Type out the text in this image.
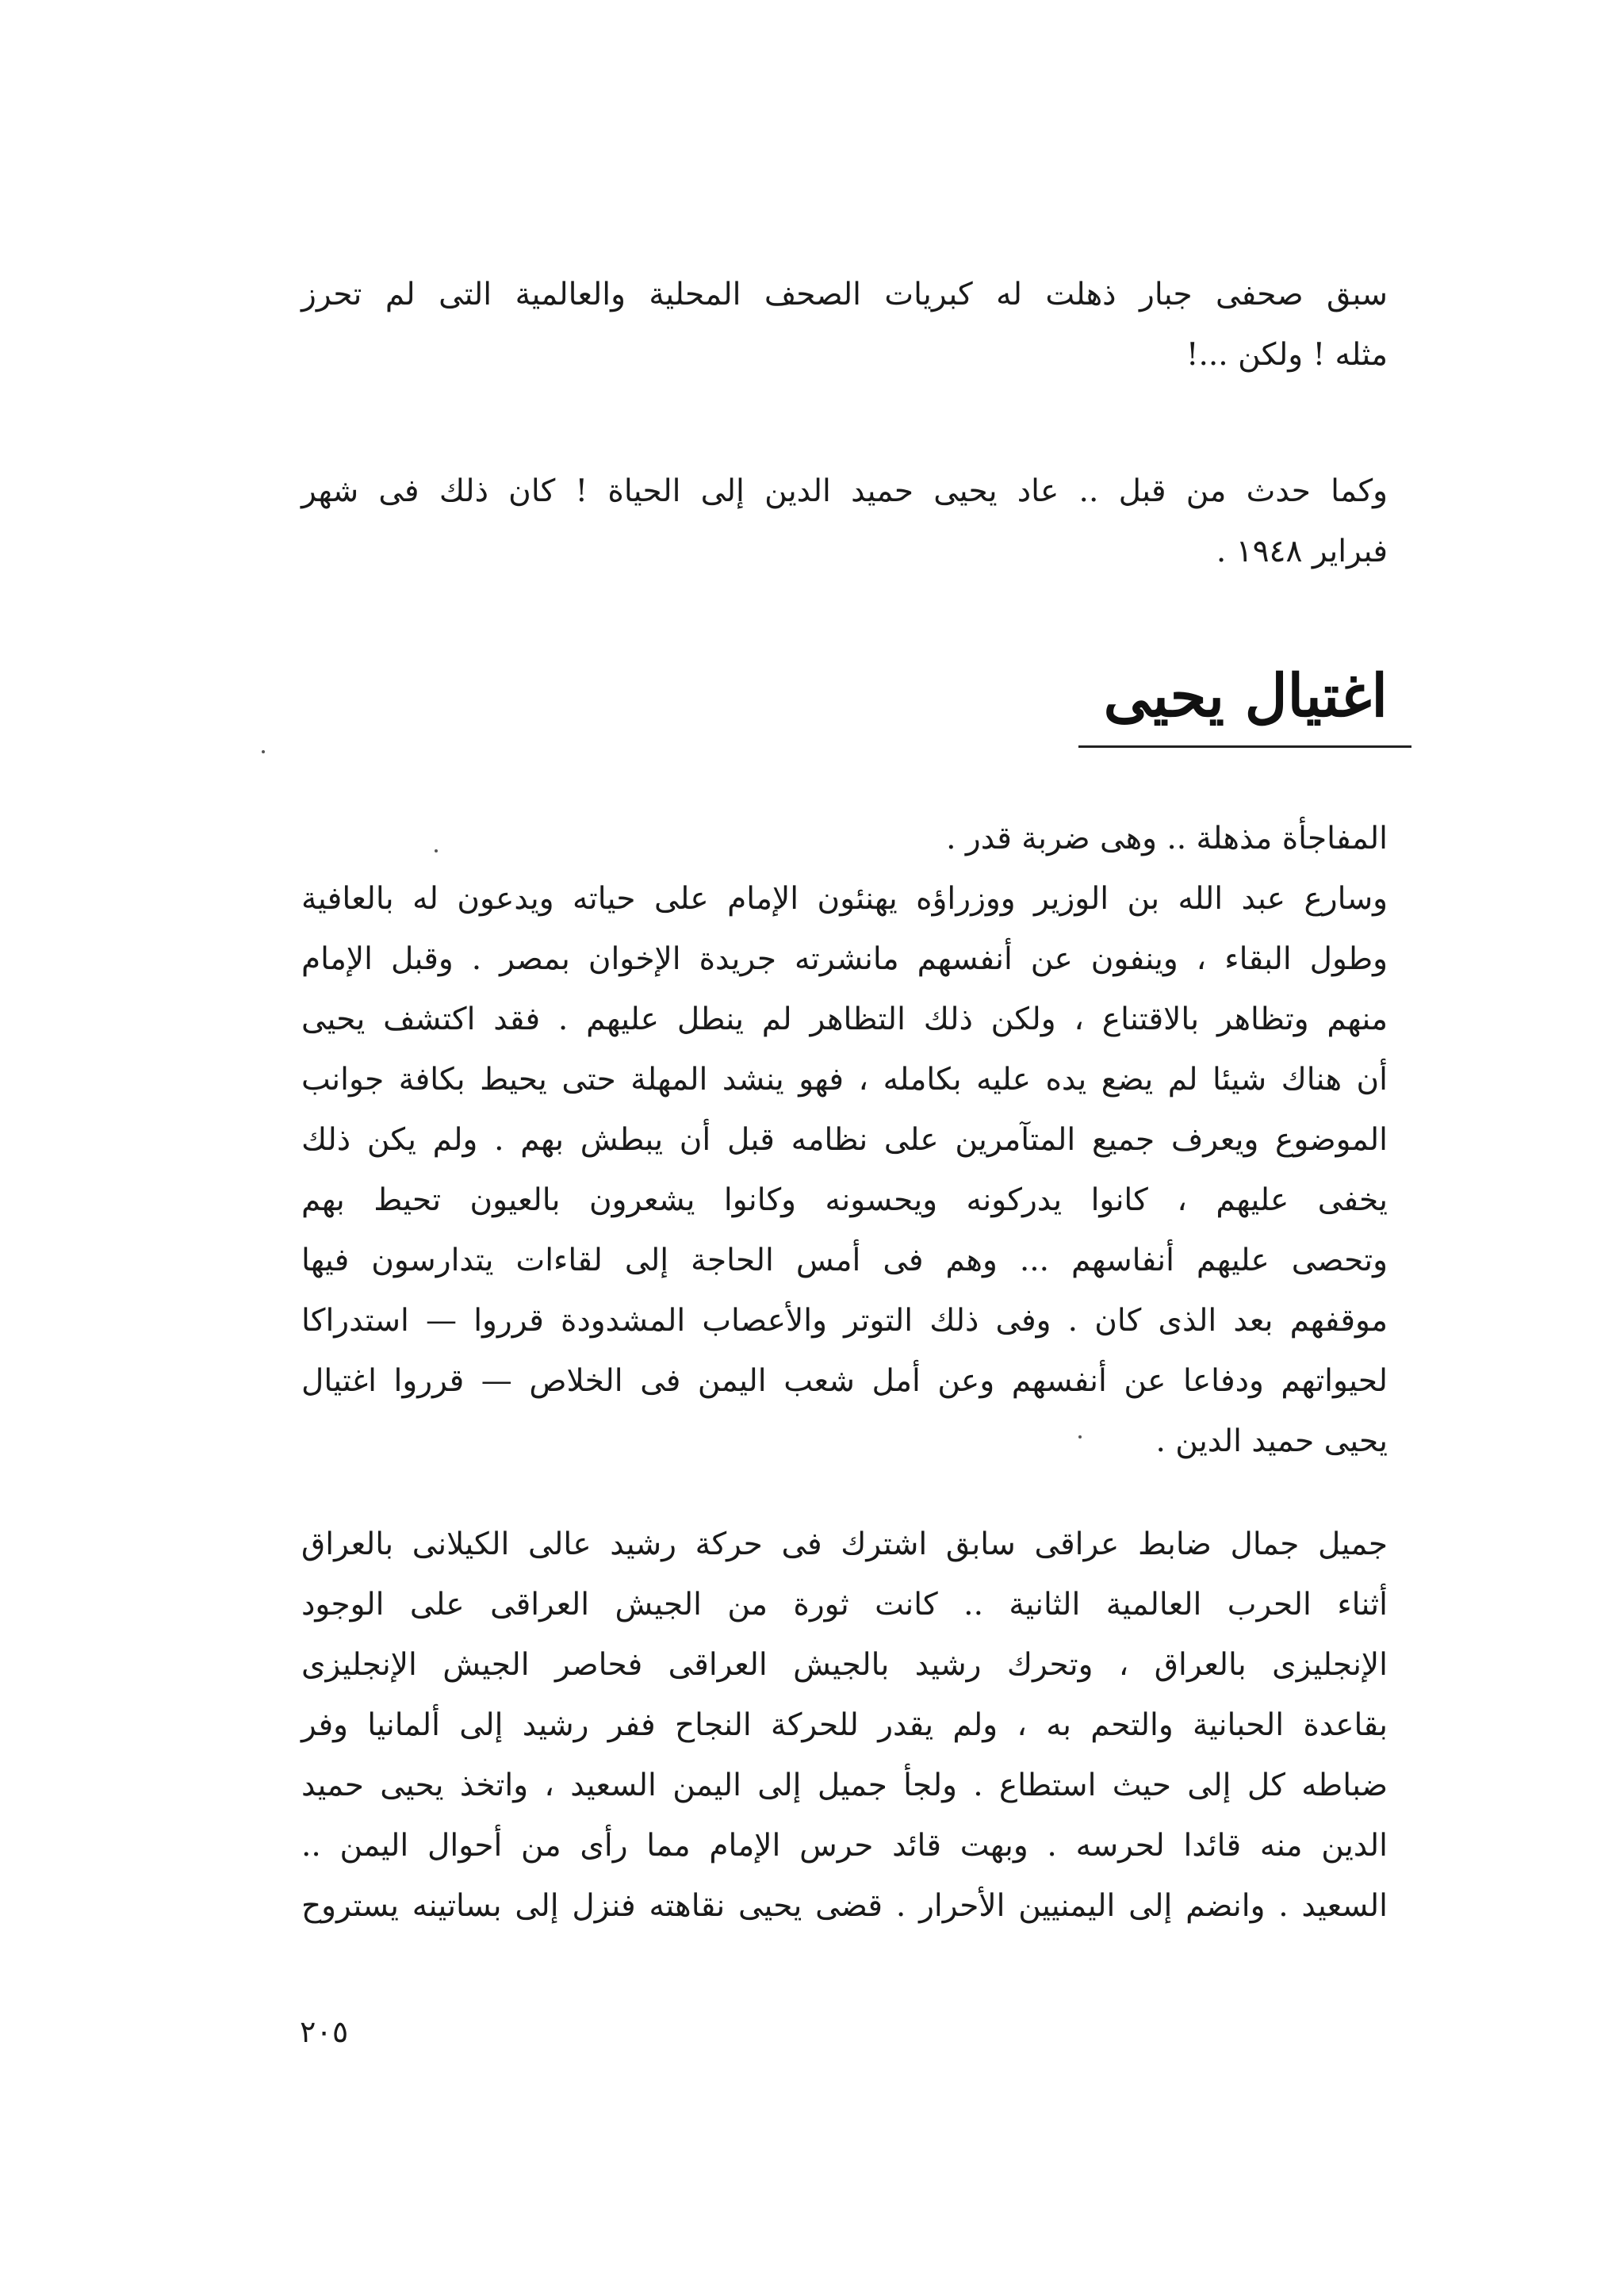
سبق صحفى جبار ذهلت له كبريات الصحف المحلية والعالمية التى لم تحرز
مثله ! ولكن ...!
وكما حدث من قبل .. عاد يحيى حميد الدين إلى الحياة ! كان ذلك فى شهر
فبراير ١٩٤٨ .
اغتيال يحيى
المفاجأة مذهلة .. وهى ضربة قدر .
وسارع عبد الله بن الوزير ووزراؤه يهنئون الإمام على حياته ويدعون له بالعافية
وطول البقاء ، وينفون عن أنفسهم مانشرته جريدة الإخوان بمصر . وقبل الإمام
منهم وتظاهر بالاقتناع ، ولكن ذلك التظاهر لم ينطل عليهم . فقد اكتشف يحيى
أن هناك شيئا لم يضع يده عليه بكامله ، فهو ينشد المهلة حتى يحيط بكافة جوانب
الموضوع ويعرف جميع المتآمرين على نظامه قبل أن يبطش بهم . ولم يكن ذلك
يخفى عليهم ، كانوا يدركونه ويحسونه وكانوا يشعرون بالعيون تحيط بهم
وتحصى عليهم أنفاسهم ... وهم فى أمس الحاجة إلى لقاءات يتدارسون فيها
موقفهم بعد الذى كان . وفى ذلك التوتر والأعصاب المشدودة قرروا — استدراكا
لحيواتهم ودفاعا عن أنفسهم وعن أمل شعب اليمن فى الخلاص — قرروا اغتيال
يحيى حميد الدين .
جميل جمال ضابط عراقى سابق اشترك فى حركة رشيد عالى الكيلانى بالعراق
أثناء الحرب العالمية الثانية .. كانت ثورة من الجيش العراقى على الوجود
الإنجليزى بالعراق ، وتحرك رشيد بالجيش العراقى فحاصر الجيش الإنجليزى
بقاعدة الحبانية والتحم به ، ولم يقدر للحركة النجاح ففر رشيد إلى ألمانيا وفر
ضباطه كل إلى حيث استطاع . ولجأ جميل إلى اليمن السعيد ، واتخذ يحيى حميد
الدين منه قائدا لحرسه . وبهت قائد حرس الإمام مما رأى من أحوال اليمن ..
السعيد . وانضم إلى اليمنيين الأحرار . قضى يحيى نقاهته فنزل إلى بساتينه يستروح
٢٠٥
